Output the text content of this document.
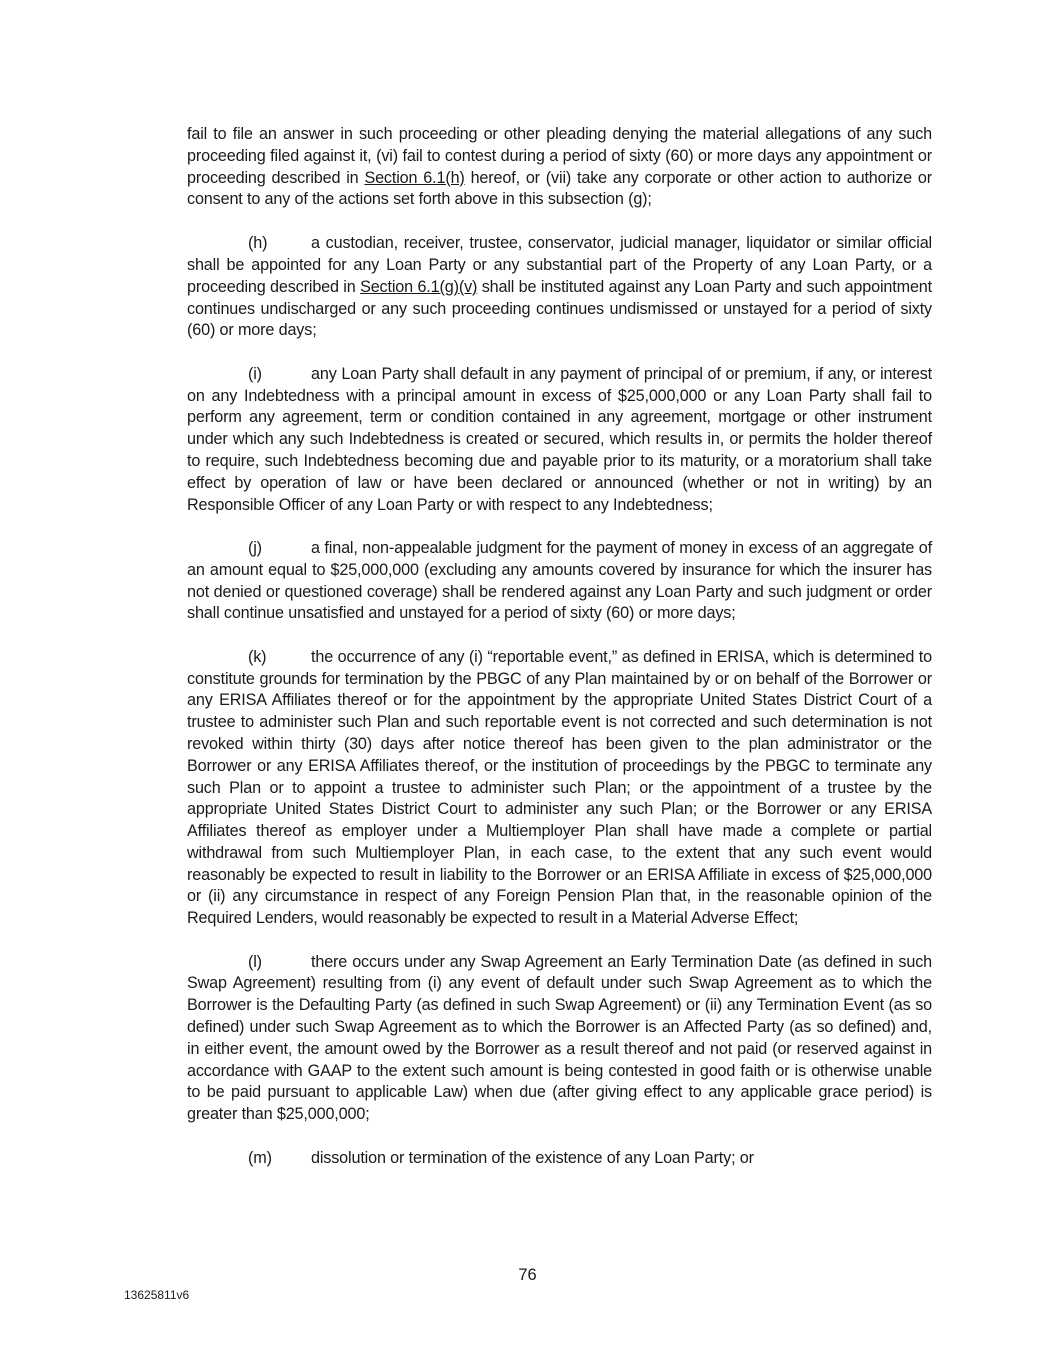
fail to file an answer in such proceeding or other pleading denying the material allegations of any such proceeding filed against it, (vi) fail to contest during a period of sixty (60) or more days any appointment or proceeding described in Section 6.1(h) hereof, or (vii) take any corporate or other action to authorize or consent to any of the actions set forth above in this subsection (g);

(h)	a custodian, receiver, trustee, conservator, judicial manager, liquidator or similar official shall be appointed for any Loan Party or any substantial part of the Property of any Loan Party, or a proceeding described in Section 6.1(g)(v) shall be instituted against any Loan Party and such appointment continues undischarged or any such proceeding continues undismissed or unstayed for a period of sixty (60) or more days;

(i)	any Loan Party shall default in any payment of principal of or premium, if any, or interest on any Indebtedness with a principal amount in excess of $25,000,000 or any Loan Party shall fail to perform any agreement, term or condition contained in any agreement, mortgage or other instrument under which any such Indebtedness is created or secured, which results in, or permits the holder thereof to require, such Indebtedness becoming due and payable prior to its maturity, or a moratorium shall take effect by operation of law or have been declared or announced (whether or not in writing) by an Responsible Officer of any Loan Party or with respect to any Indebtedness;

(j)	a final, non-appealable judgment for the payment of money in excess of an aggregate of an amount equal to $25,000,000 (excluding any amounts covered by insurance for which the insurer has not denied or questioned coverage) shall be rendered against any Loan Party and such judgment or order shall continue unsatisfied and unstayed for a period of sixty (60) or more days;

(k)	the occurrence of any (i) “reportable event,” as defined in ERISA, which is determined to constitute grounds for termination by the PBGC of any Plan maintained by or on behalf of the Borrower or any ERISA Affiliates thereof or for the appointment by the appropriate United States District Court of a trustee to administer such Plan and such reportable event is not corrected and such determination is not revoked within thirty (30) days after notice thereof has been given to the plan administrator or the Borrower or any ERISA Affiliates thereof, or the institution of proceedings by the PBGC to terminate any such Plan or to appoint a trustee to administer such Plan; or the appointment of a trustee by the appropriate United States District Court to administer any such Plan; or the Borrower or any ERISA Affiliates thereof as employer under a Multiemployer Plan shall have made a complete or partial withdrawal from such Multiemployer Plan, in each case, to the extent that any such event would reasonably be expected to result in liability to the Borrower or an ERISA Affiliate in excess of $25,000,000 or (ii) any circumstance in respect of any Foreign Pension Plan that, in the reasonable opinion of the Required Lenders, would reasonably be expected to result in a Material Adverse Effect;

(l)	there occurs under any Swap Agreement an Early Termination Date (as defined in such Swap Agreement) resulting from (i) any event of default under such Swap Agreement as to which the Borrower is the Defaulting Party (as defined in such Swap Agreement) or (ii) any Termination Event (as so defined) under such Swap Agreement as to which the Borrower is an Affected Party (as so defined) and, in either event, the amount owed by the Borrower as a result thereof and not paid (or reserved against in accordance with GAAP to the extent such amount is being contested in good faith or is otherwise unable to be paid pursuant to applicable Law) when due (after giving effect to any applicable grace period) is greater than $25,000,000;

(m) dissolution or termination of the existence of any Loan Party; or

76
13625811v6
